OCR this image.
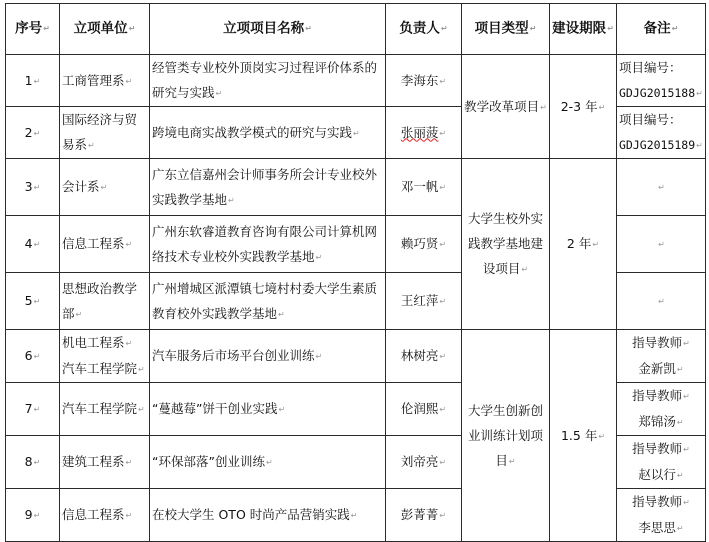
序号↵	立项单位↵	立项项目名称↵	负责人↵	项目类型↵	建设期限↵	备注↵
1↵	工商管理系↵	经管类专业校外顶岗实习过程评价体系的研究与实践↵	李海东↵	教学改革项目↵	2-3 年↵	项目编号：
GDJG2015188↵
2↵	国际经济与贸易系↵	跨境电商实战教学模式的研究与实践↵	张丽菠↵			项目编号：
GDJG2015189↵
3↵	会计系↵	广东立信嘉州会计师事务所会计专业校外实践教学基地↵	邓一帆↵	大学生校外实践教学基地建设项目↵	2 年↵	↵
4↵	信息工程系↵	广州东软睿道教育咨询有限公司计算机网络技术专业校外实践教学基地↵	赖巧贤↵			↵
5↵	思想政治教学部↵	广州增城区派潭镇七境村村委大学生素质教育校外实践教学基地↵	王红萍↵			↵
6↵	机电工程系↵
汽车工程学院↵	汽车服务后市场平台创业训练↵	林树亮↵	大学生创新创业训练计划项目↵	1.5 年↵	指导教师↵
金新凯↵
7↵	汽车工程学院↵	“蔓越莓”饼干创业实践↵	伦润熙↵			指导教师↵
郑锦汤↵
8↵	建筑工程系↵	“环保部落”创业训练↵	刘帝亮↵			指导教师↵
赵以行↵
9↵	信息工程系↵	在校大学生 OTO 时尚产品营销实践↵	彭菁菁↵			指导教师↵
李思思↵
